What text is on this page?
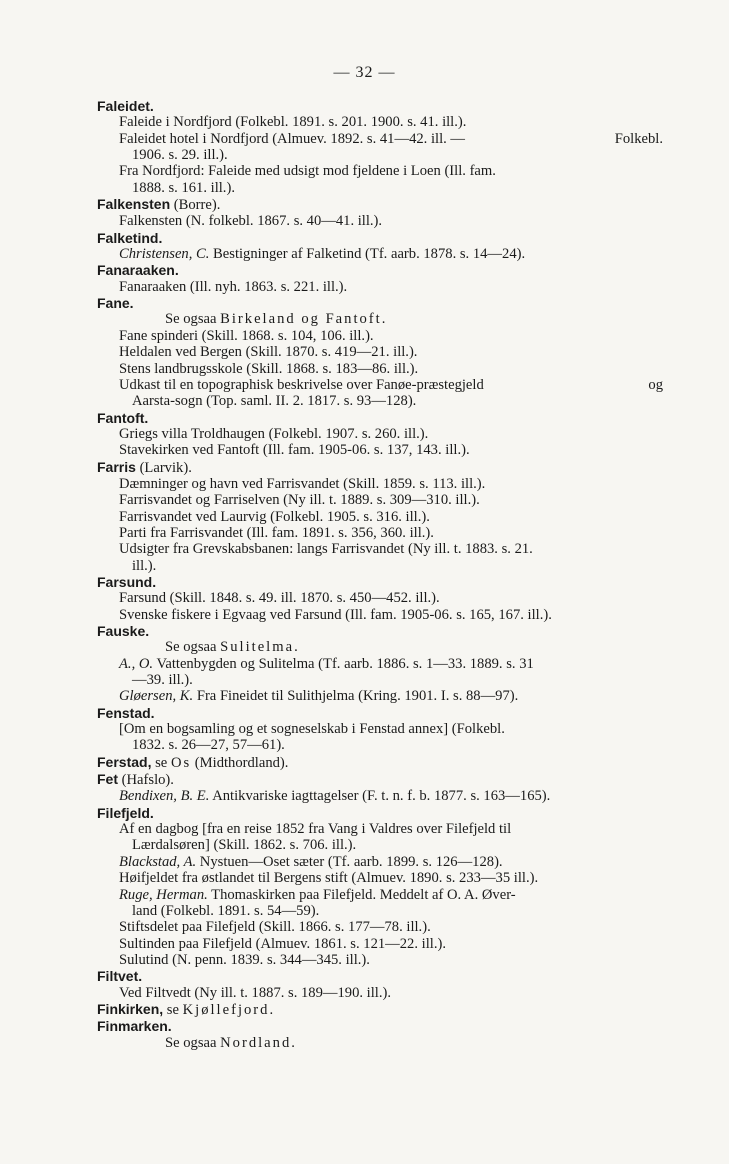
— 32 —
Faleidet.
Faleide i Nordfjord (Folkebl. 1891. s. 201. 1900. s. 41. ill.).
Faleidet hotel i Nordfjord (Almuev. 1892. s. 41—42. ill. —	Folkebl.
1906. s. 29. ill.).
Fra Nordfjord: Faleide med udsigt mod fjeldene i Loen (Ill. fam.
1888. s. 161. ill.).
Falkensten (Borre).
Falkensten (N. folkebl. 1867. s. 40—41. ill.).
Falketind.
Christensen, C. Bestigninger af Falketind (Tf. aarb. 1878. s. 14—24).
Fanaraaken.
Fanaraaken (Ill. nyh. 1863. s. 221. ill.).
Fane.
Se ogsaa Birkeland og Fantoft.
Fane spinderi (Skill. 1868. s. 104, 106. ill.).
Heldalen ved Bergen (Skill. 1870. s. 419—21. ill.).
Stens landbrugsskole (Skill. 1868. s. 183—86. ill.).
Udkast til en topographisk beskrivelse over Fanøe-præstegjeld	og
Aarsta-sogn (Top. saml. II. 2. 1817. s. 93—128).
Fantoft.
Griegs villa Troldhaugen (Folkebl. 1907. s. 260. ill.).
Stavekirken ved Fantoft (Ill. fam. 1905-06. s. 137, 143. ill.).
Farris (Larvik).
Dæmninger og havn ved Farrisvandet (Skill. 1859. s. 113. ill.).
Farrisvandet og Farriselven (Ny ill. t. 1889. s. 309—310. ill.).
Farrisvandet ved Laurvig (Folkebl. 1905. s. 316. ill.).
Parti fra Farrisvandet (Ill. fam. 1891. s. 356, 360. ill.).
Udsigter fra Grevskabsbanen: langs Farrisvandet (Ny ill. t. 1883. s. 21.
ill.).
Farsund.
Farsund (Skill. 1848. s. 49. ill. 1870. s. 450—452. ill.).
Svenske fiskere i Egvaag ved Farsund (Ill. fam. 1905-06. s. 165, 167. ill.).
Fauske.
Se ogsaa Sulitelma.
A., O. Vattenbygden og Sulitelma (Tf. aarb. 1886. s. 1—33. 1889. s. 31
—39. ill.).
Gløersen, K. Fra Fineidet til Sulithjelma (Kring. 1901. I. s. 88—97).
Fenstad.
[Om en bogsamling og et sogneselskab i Fenstad annex] (Folkebl.
1832. s. 26—27, 57—61).
Ferstad, se Os (Midthordland).
Fet (Hafslo).
Bendixen, B. E. Antikvariske iagttagelser (F. t. n. f. b. 1877. s. 163—165).
Filefjeld.
Af en dagbog [fra en reise 1852 fra Vang i Valdres over Filefjeld til
Lærdalsøren] (Skill. 1862. s. 706. ill.).
Blackstad, A. Nystuen—Oset sæter (Tf. aarb. 1899. s. 126—128).
Høifjeldet fra østlandet til Bergens stift (Almuev. 1890. s. 233—35 ill.).
Ruge, Herman. Thomaskirken paa Filefjeld. Meddelt af O. A. Øver-
land (Folkebl. 1891. s. 54—59).
Stiftsdelet paa Filefjeld (Skill. 1866. s. 177—78. ill.).
Sultinden paa Filefjeld (Almuev. 1861. s. 121—22. ill.).
Sulutind (N. penn. 1839. s. 344—345. ill.).
Filtvet.
Ved Filtvedt (Ny ill. t. 1887. s. 189—190. ill.).
Finkirken, se Kjøllefjord.
Finmarken.
Se ogsaa Nordland.
